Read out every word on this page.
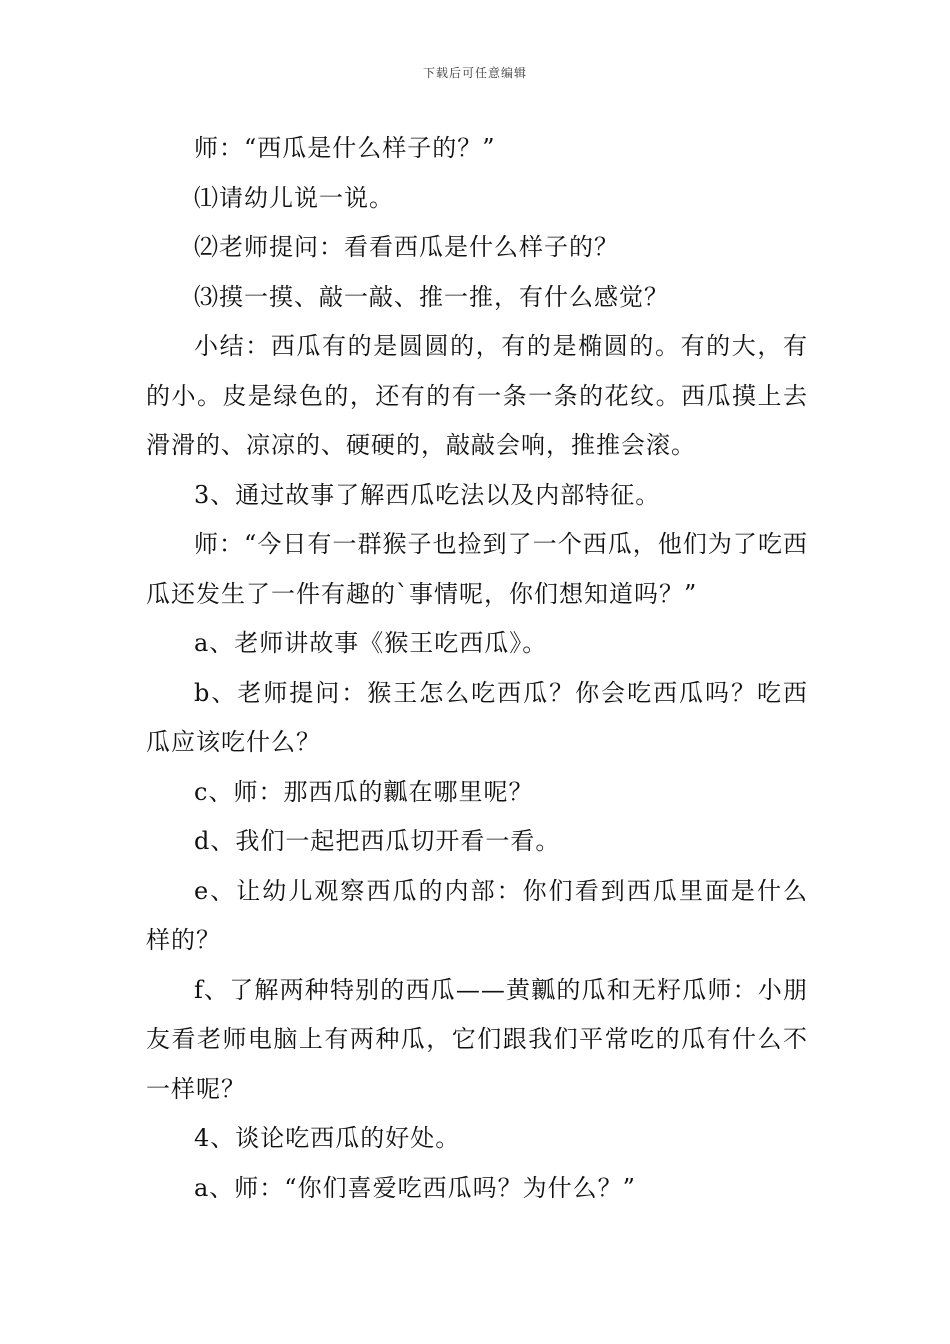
下载后可任意编辑

师：“西瓜是什么样子的？”

⑴请幼儿说一说。

⑵老师提问：看看西瓜是什么样子的？

⑶摸一摸、敲一敲、推一推，有什么感觉？

小结：西瓜有的是圆圆的，有的是椭圆的。有的大，有的小。皮是绿色的，还有的有一条一条的花纹。西瓜摸上去滑滑的、凉凉的、硬硬的，敲敲会响，推推会滚。

3、通过故事了解西瓜吃法以及内部特征。

师：“今日有一群猴子也捡到了一个西瓜，他们为了吃西瓜还发生了一件有趣的`事情呢，你们想知道吗？”

a、老师讲故事《猴王吃西瓜》。

b、老师提问：猴王怎么吃西瓜？你会吃西瓜吗？吃西瓜应该吃什么？

c、师：那西瓜的瓤在哪里呢？

d、我们一起把西瓜切开看一看。

e、让幼儿观察西瓜的内部：你们看到西瓜里面是什么样的？

f、了解两种特别的西瓜——黄瓤的瓜和无籽瓜师：小朋友看老师电脑上有两种瓜，它们跟我们平常吃的瓜有什么不一样呢？

4、谈论吃西瓜的好处。

a、师：“你们喜爱吃西瓜吗？为什么？”
